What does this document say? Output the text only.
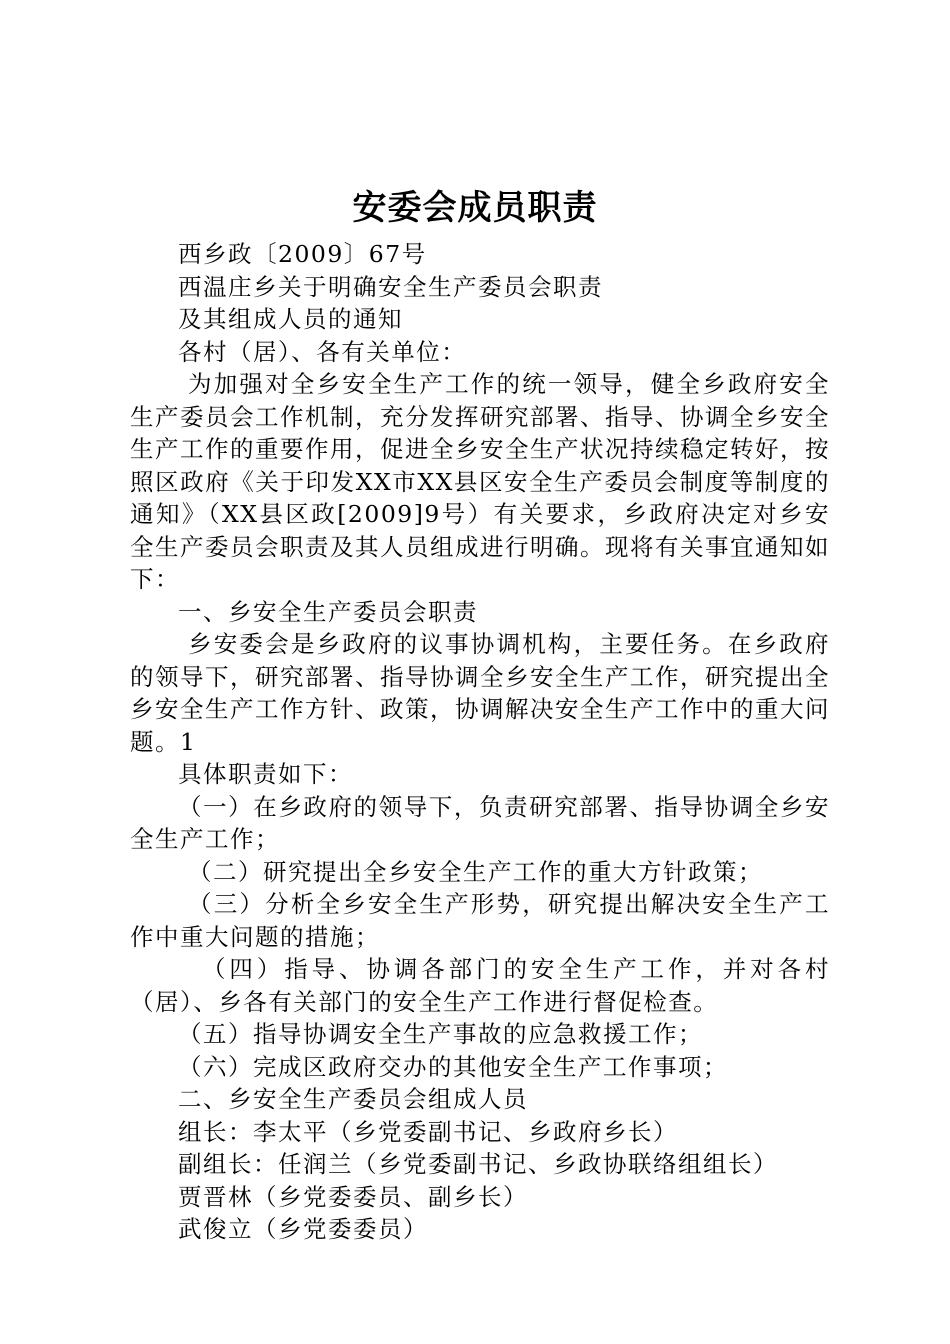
安委会成员职责

西乡政〔2009〕67号

西温庄乡关于明确安全生产委员会职责

及其组成人员的通知

各村（居）、各有关单位：

为加强对全乡安全生产工作的统一领导，健全乡政府安全生产委员会工作机制，充分发挥研究部署、指导、协调全乡安全生产工作的重要作用，促进全乡安全生产状况持续稳定转好，按照区政府《关于印发XX市XX县区安全生产委员会制度等制度的通知》（XX县区政[2009]9号）有关要求，乡政府决定对乡安全生产委员会职责及其人员组成进行明确。现将有关事宜通知如下：

一、乡安全生产委员会职责

乡安委会是乡政府的议事协调机构，主要任务。在乡政府的领导下，研究部署、指导协调全乡安全生产工作，研究提出全乡安全生产工作方针、政策，协调解决安全生产工作中的重大问题。1

具体职责如下：

（一）在乡政府的领导下，负责研究部署、指导协调全乡安全生产工作；

（二）研究提出全乡安全生产工作的重大方针政策；

（三）分析全乡安全生产形势，研究提出解决安全生产工作中重大问题的措施；

（四）指导、协调各部门的安全生产工作，并对各村（居）、乡各有关部门的安全生产工作进行督促检查。

（五）指导协调安全生产事故的应急救援工作；

（六）完成区政府交办的其他安全生产工作事项；

二、乡安全生产委员会组成人员

组长：李太平（乡党委副书记、乡政府乡长）

副组长：任润兰（乡党委副书记、乡政协联络组组长）

贾晋林（乡党委委员、副乡长）

武俊立（乡党委委员）
